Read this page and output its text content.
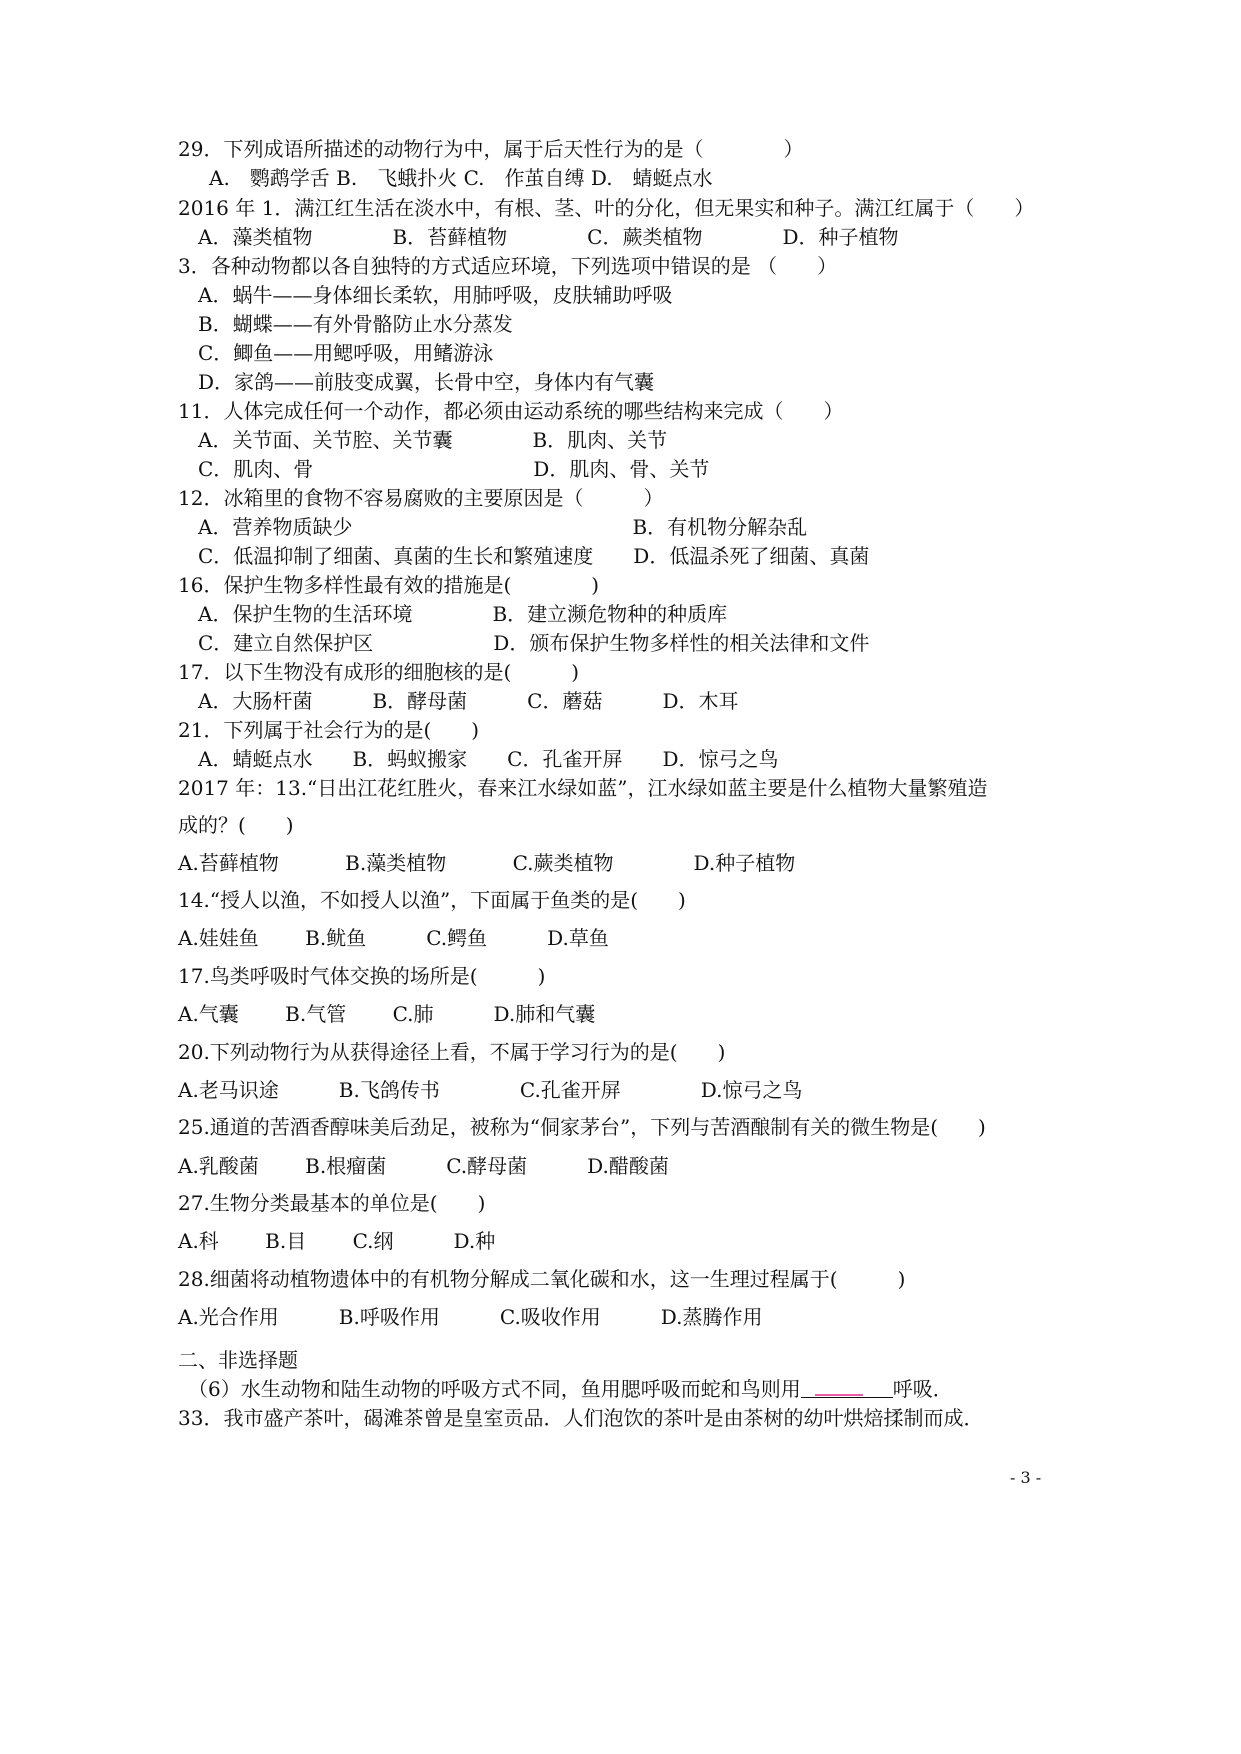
29．下列成语所描述的动物行为中，属于后天性行为的是（　　　　）
A.　鹦鹉学舌 B.　飞蛾扑火 C.　作茧自缚 D.　蜻蜓点水
2016 年 1．满江红生活在淡水中，有根、茎、叶的分化，但无果实和种子。满江红属于（　　）
A．藻类植物　　　　B．苔藓植物　　　　C．蕨类植物　　　　D．种子植物
3．各种动物都以各自独特的方式适应环境，下列选项中错误的是 （　　）
A．蜗牛——身体细长柔软，用肺呼吸，皮肤辅助呼吸
B．蝴蝶——有外骨骼防止水分蒸发
C．鲫鱼——用鳃呼吸，用鳍游泳
D．家鸽——前肢变成翼，长骨中空，身体内有气囊
11．人体完成任何一个动作，都必须由运动系统的哪些结构来完成（　　）
A．关节面、关节腔、关节囊　　　　B．肌肉、关节
C．肌肉、骨　　　　　　　　　　　D．肌肉、骨、关节
12．冰箱里的食物不容易腐败的主要原因是（　　　）
A．营养物质缺少　　　　　　　　　　　　　　B．有机物分解杂乱
C．低温抑制了细菌、真菌的生长和繁殖速度　　D．低温杀死了细菌、真菌
16．保护生物多样性最有效的措施是(　　　　)
A．保护生物的生活环境　　　　B．建立濒危物种的种质库
C．建立自然保护区　　　　　　D．颁布保护生物多样性的相关法律和文件
17．以下生物没有成形的细胞核的是(　　　)
A．大肠杆菌　　　B．酵母菌　　　C．蘑菇　　　D．木耳
21．下列属于社会行为的是(　　)
A．蜻蜓点水　　B．蚂蚁搬家　　C．孔雀开屏　　D．惊弓之鸟
2017 年：13.“日出江花红胜火，春来江水绿如蓝”，江水绿如蓝主要是什么植物大量繁殖造
成的？(　　)
A.苔藓植物　　　 B.藻类植物　　　 C.蕨类植物　　　　D.种子植物
14.“授人以渔，不如授人以渔”，下面属于鱼类的是(　　)
A.娃娃鱼　　 B.鱿鱼　　　C.鳄鱼　　　D.草鱼
17.鸟类呼吸时气体交换的场所是(　　　)
A.气囊　　 B.气管　　 C.肺　　　D.肺和气囊
20.下列动物行为从获得途径上看，不属于学习行为的是(　　)
A.老马识途　　　B.飞鸽传书　　　　C.孔雀开屏　　　　D.惊弓之鸟
25.通道的苦酒香醇味美后劲足，被称为“侗家茅台”，下列与苦酒酿制有关的微生物是(　　)
A.乳酸菌　　 B.根瘤菌　　　C.酵母菌　　　D.醋酸菌
27.生物分类最基本的单位是(　　)
A.科　　 B.目　　 C.纲　　　D.种
28.细菌将动植物遗体中的有机物分解成二氧化碳和水，这一生理过程属于(　　　)
A.光合作用　　　B.呼吸作用　　　C.吸收作用　　　D.蒸腾作用
二、非选择题
（6）水生动物和陆生动物的呼吸方式不同，鱼用腮呼吸而蛇和鸟则用	呼吸．
33．我市盛产茶叶，碣滩茶曾是皇室贡品．人们泡饮的茶叶是由茶树的幼叶烘焙揉制而成．
- 3 -
